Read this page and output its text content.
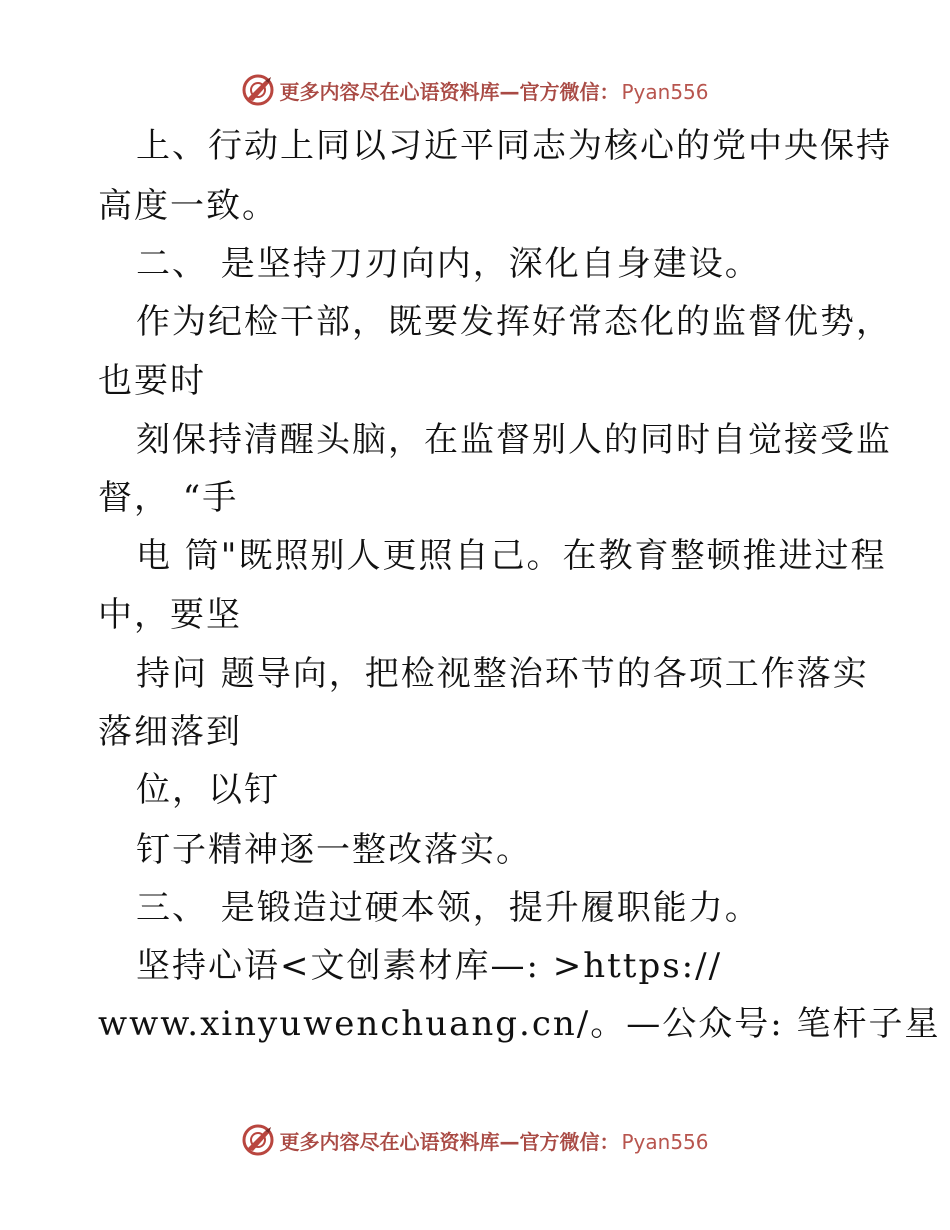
更多内容尽在心语资料库—官方微信： Pyan556
上、行动上同以习近平同志为核心的党中央保持
高度一致。
二、 是坚持刀刃向内，深化自身建设。
作为纪检干部，既要发挥好常态化的监督优势，
也要时
刻保持清醒头脑，在监督别人的同时自觉接受监
督， “手
电 筒"既照别人更照自己。在教育整顿推进过程
中，要坚
持问 题导向，把检视整治环节的各项工作落实
落细落到
位，以钉
钉子精神逐一整改落实。
三、 是锻造过硬本领，提升履职能力。
坚持心语<文创素材库—: >https://
www.xinyuwenchuang.cn/。—公众号: 笔杆子星
更多内容尽在心语资料库—官方微信： Pyan556
